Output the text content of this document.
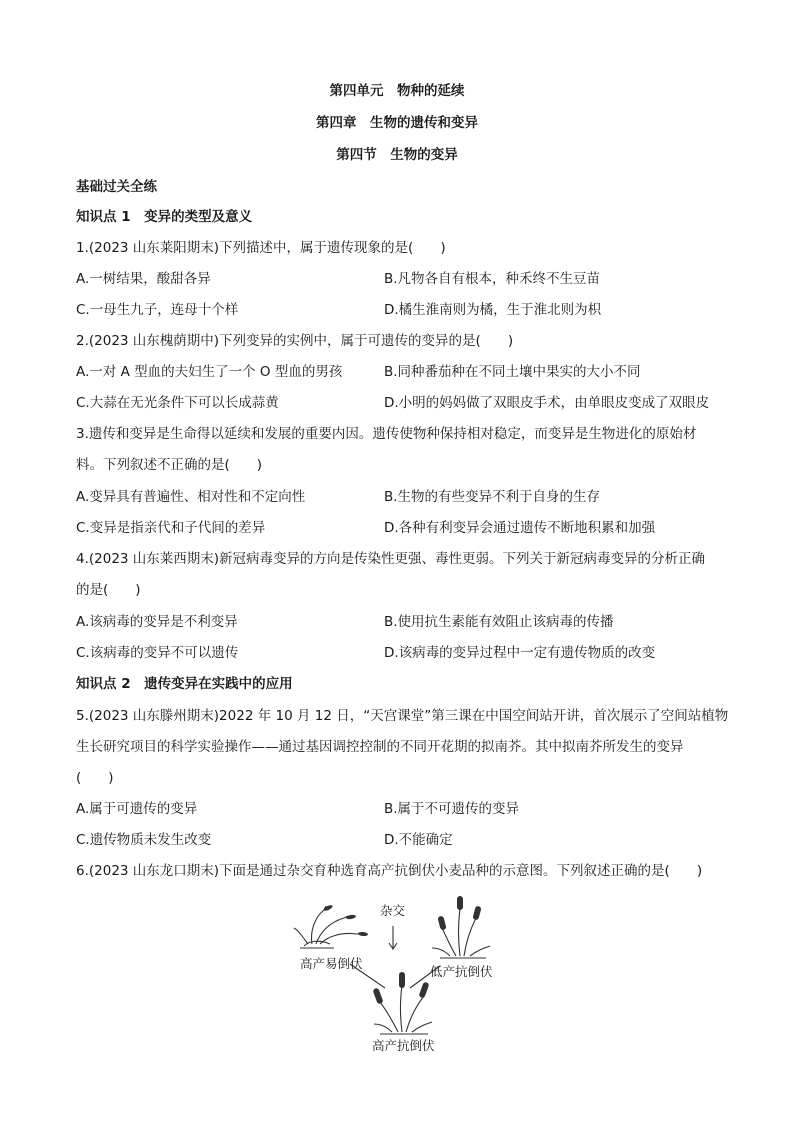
第四单元　物种的延续
第四章　生物的遗传和变异
第四节　生物的变异
基础过关全练
知识点 1　变异的类型及意义
1.(2023 山东莱阳期末)下列描述中，属于遗传现象的是(　　)
A.一树结果，酸甜各异	B.凡物各自有根本，种禾终不生豆苗
C.一母生九子，连母十个样	D.橘生淮南则为橘，生于淮北则为枳
2.(2023 山东槐荫期中)下列变异的实例中，属于可遗传的变异的是(　　)
A.一对 A 型血的夫妇生了一个 O 型血的男孩	B.同种番茄种在不同土壤中果实的大小不同
C.大蒜在无光条件下可以长成蒜黄	D.小明的妈妈做了双眼皮手术，由单眼皮变成了双眼皮
3.遗传和变异是生命得以延续和发展的重要内因。遗传使物种保持相对稳定，而变异是生物进化的原始材
料。下列叙述不正确的是(　　)
A.变异具有普遍性、相对性和不定向性	B.生物的有些变异不利于自身的生存
C.变异是指亲代和子代间的差异	D.各种有利变异会通过遗传不断地积累和加强
4.(2023 山东莱西期末)新冠病毒变异的方向是传染性更强、毒性更弱。下列关于新冠病毒变异的分析正确
的是(　　)
A.该病毒的变异是不利变异	B.使用抗生素能有效阻止该病毒的传播
C.该病毒的变异不可以遗传	D.该病毒的变异过程中一定有遗传物质的改变
知识点 2　遗传变异在实践中的应用
5.(2023 山东滕州期末)2022 年 10 月 12 日，“天宫课堂”第三课在中国空间站开讲，首次展示了空间站植物
生长研究项目的科学实验操作——通过基因调控控制的不同开花期的拟南芥。其中拟南芥所发生的变异
(　　)
A.属于可遗传的变异	B.属于不可遗传的变异
C.遗传物质未发生改变	D.不能确定
6.(2023 山东龙口期末)下面是通过杂交育种选育高产抗倒伏小麦品种的示意图。下列叙述正确的是(　　)
杂交
高产易倒伏
低产抗倒伏
高产抗倒伏
